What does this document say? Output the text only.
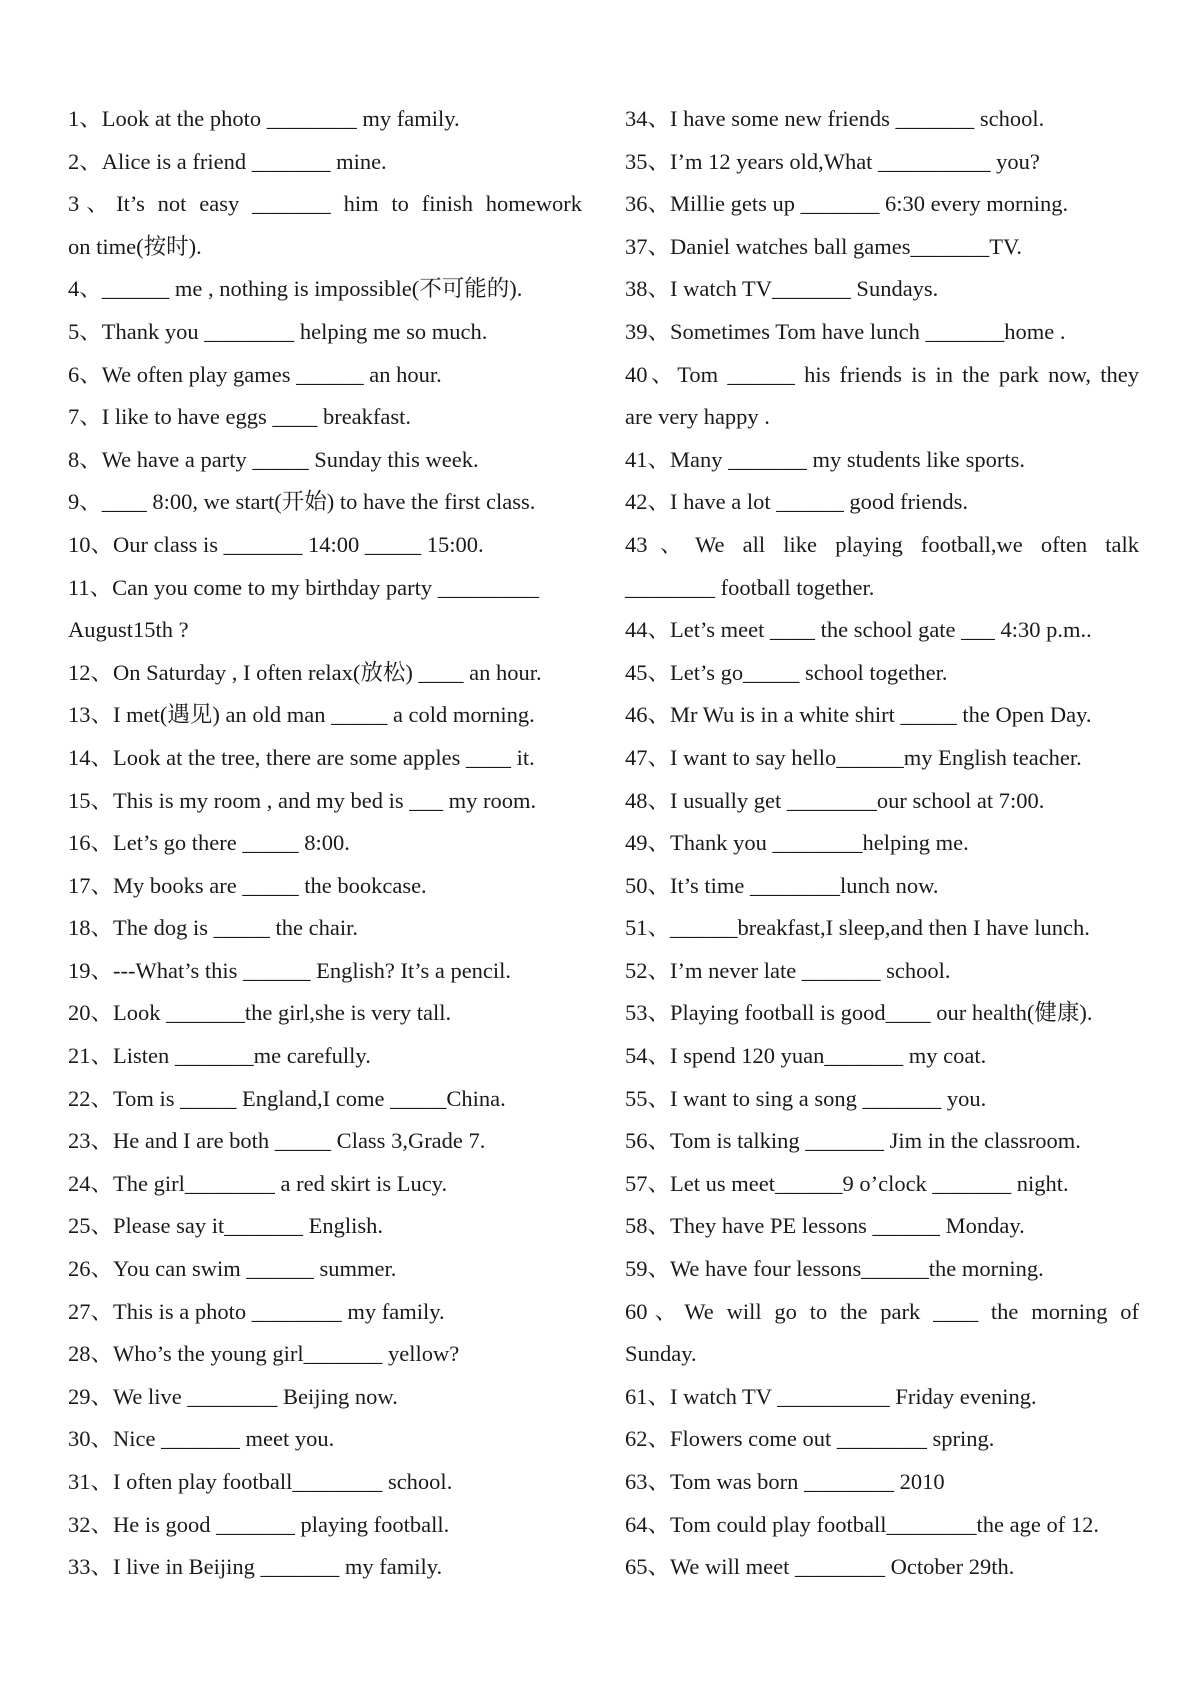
1、Look at the photo ________ my family.
2、Alice is a friend _______ mine.
3、It’s not easy _______ him to finish homework
on time(按时).
4、______ me , nothing is impossible(不可能的).
5、Thank you ________ helping me so much.
6、We often play games ______ an hour.
7、I like to have eggs ____ breakfast.
8、We have a party _____ Sunday this week.
9、____ 8:00, we start(开始) to have the first class.
10、Our class is _______ 14:00 _____ 15:00.
11、Can you come to my birthday party _________
August15th ?
12、On Saturday , I often relax(放松) ____ an hour.
13、I met(遇见) an old man _____ a cold morning.
14、Look at the tree, there are some apples ____ it.
15、This is my room , and my bed is ___ my room.
16、Let’s go there _____ 8:00.
17、My books are _____ the bookcase.
18、The dog is _____ the chair.
19、---What’s this ______ English? It’s a pencil.
20、Look _______the girl,she is very tall.
21、Listen _______me carefully.
22、Tom is _____ England,I come _____China.
23、He and I are both _____ Class 3,Grade 7.
24、The girl________ a red skirt is Lucy.
25、Please say it_______ English.
26、You can swim ______ summer.
27、This is a photo ________ my family.
28、Who’s the young girl_______ yellow?
29、We live ________ Beijing now.
30、Nice _______ meet you.
31、I often play football________ school.
32、He is good _______ playing football.
33、I live in Beijing _______ my family.
34、I have some new friends _______ school.
35、I’m 12 years old,What __________ you?
36、Millie gets up _______ 6:30 every morning.
37、Daniel watches ball games_______TV.
38、I watch TV_______ Sundays.
39、Sometimes Tom have lunch _______home .
40、Tom ______ his friends is in the park now, they
are very happy .
41、Many _______ my students like sports.
42、I have a lot ______ good friends.
43、We all like playing football,we often talk
________ football together.
44、Let’s meet ____ the school gate ___ 4:30 p.m..
45、Let’s go_____ school together.
46、Mr Wu is in a white shirt _____ the Open Day.
47、I want to say hello______my English teacher.
48、I usually get ________our school at 7:00.
49、Thank you ________helping me.
50、It’s time ________lunch now.
51、______breakfast,I sleep,and then I have lunch.
52、I’m never late _______ school.
53、Playing football is good____ our health(健康).
54、I spend 120 yuan_______ my coat.
55、I want to sing a song _______ you.
56、Tom is talking _______ Jim in the classroom.
57、Let us meet______9 o’clock _______ night.
58、They have PE lessons ______ Monday.
59、We have four lessons______the morning.
60、We will go to the park ____ the morning of
Sunday.
61、I watch TV __________ Friday evening.
62、Flowers come out ________ spring.
63、Tom was born ________ 2010
64、Tom could play football________the age of 12.
65、We will meet ________ October 29th.
